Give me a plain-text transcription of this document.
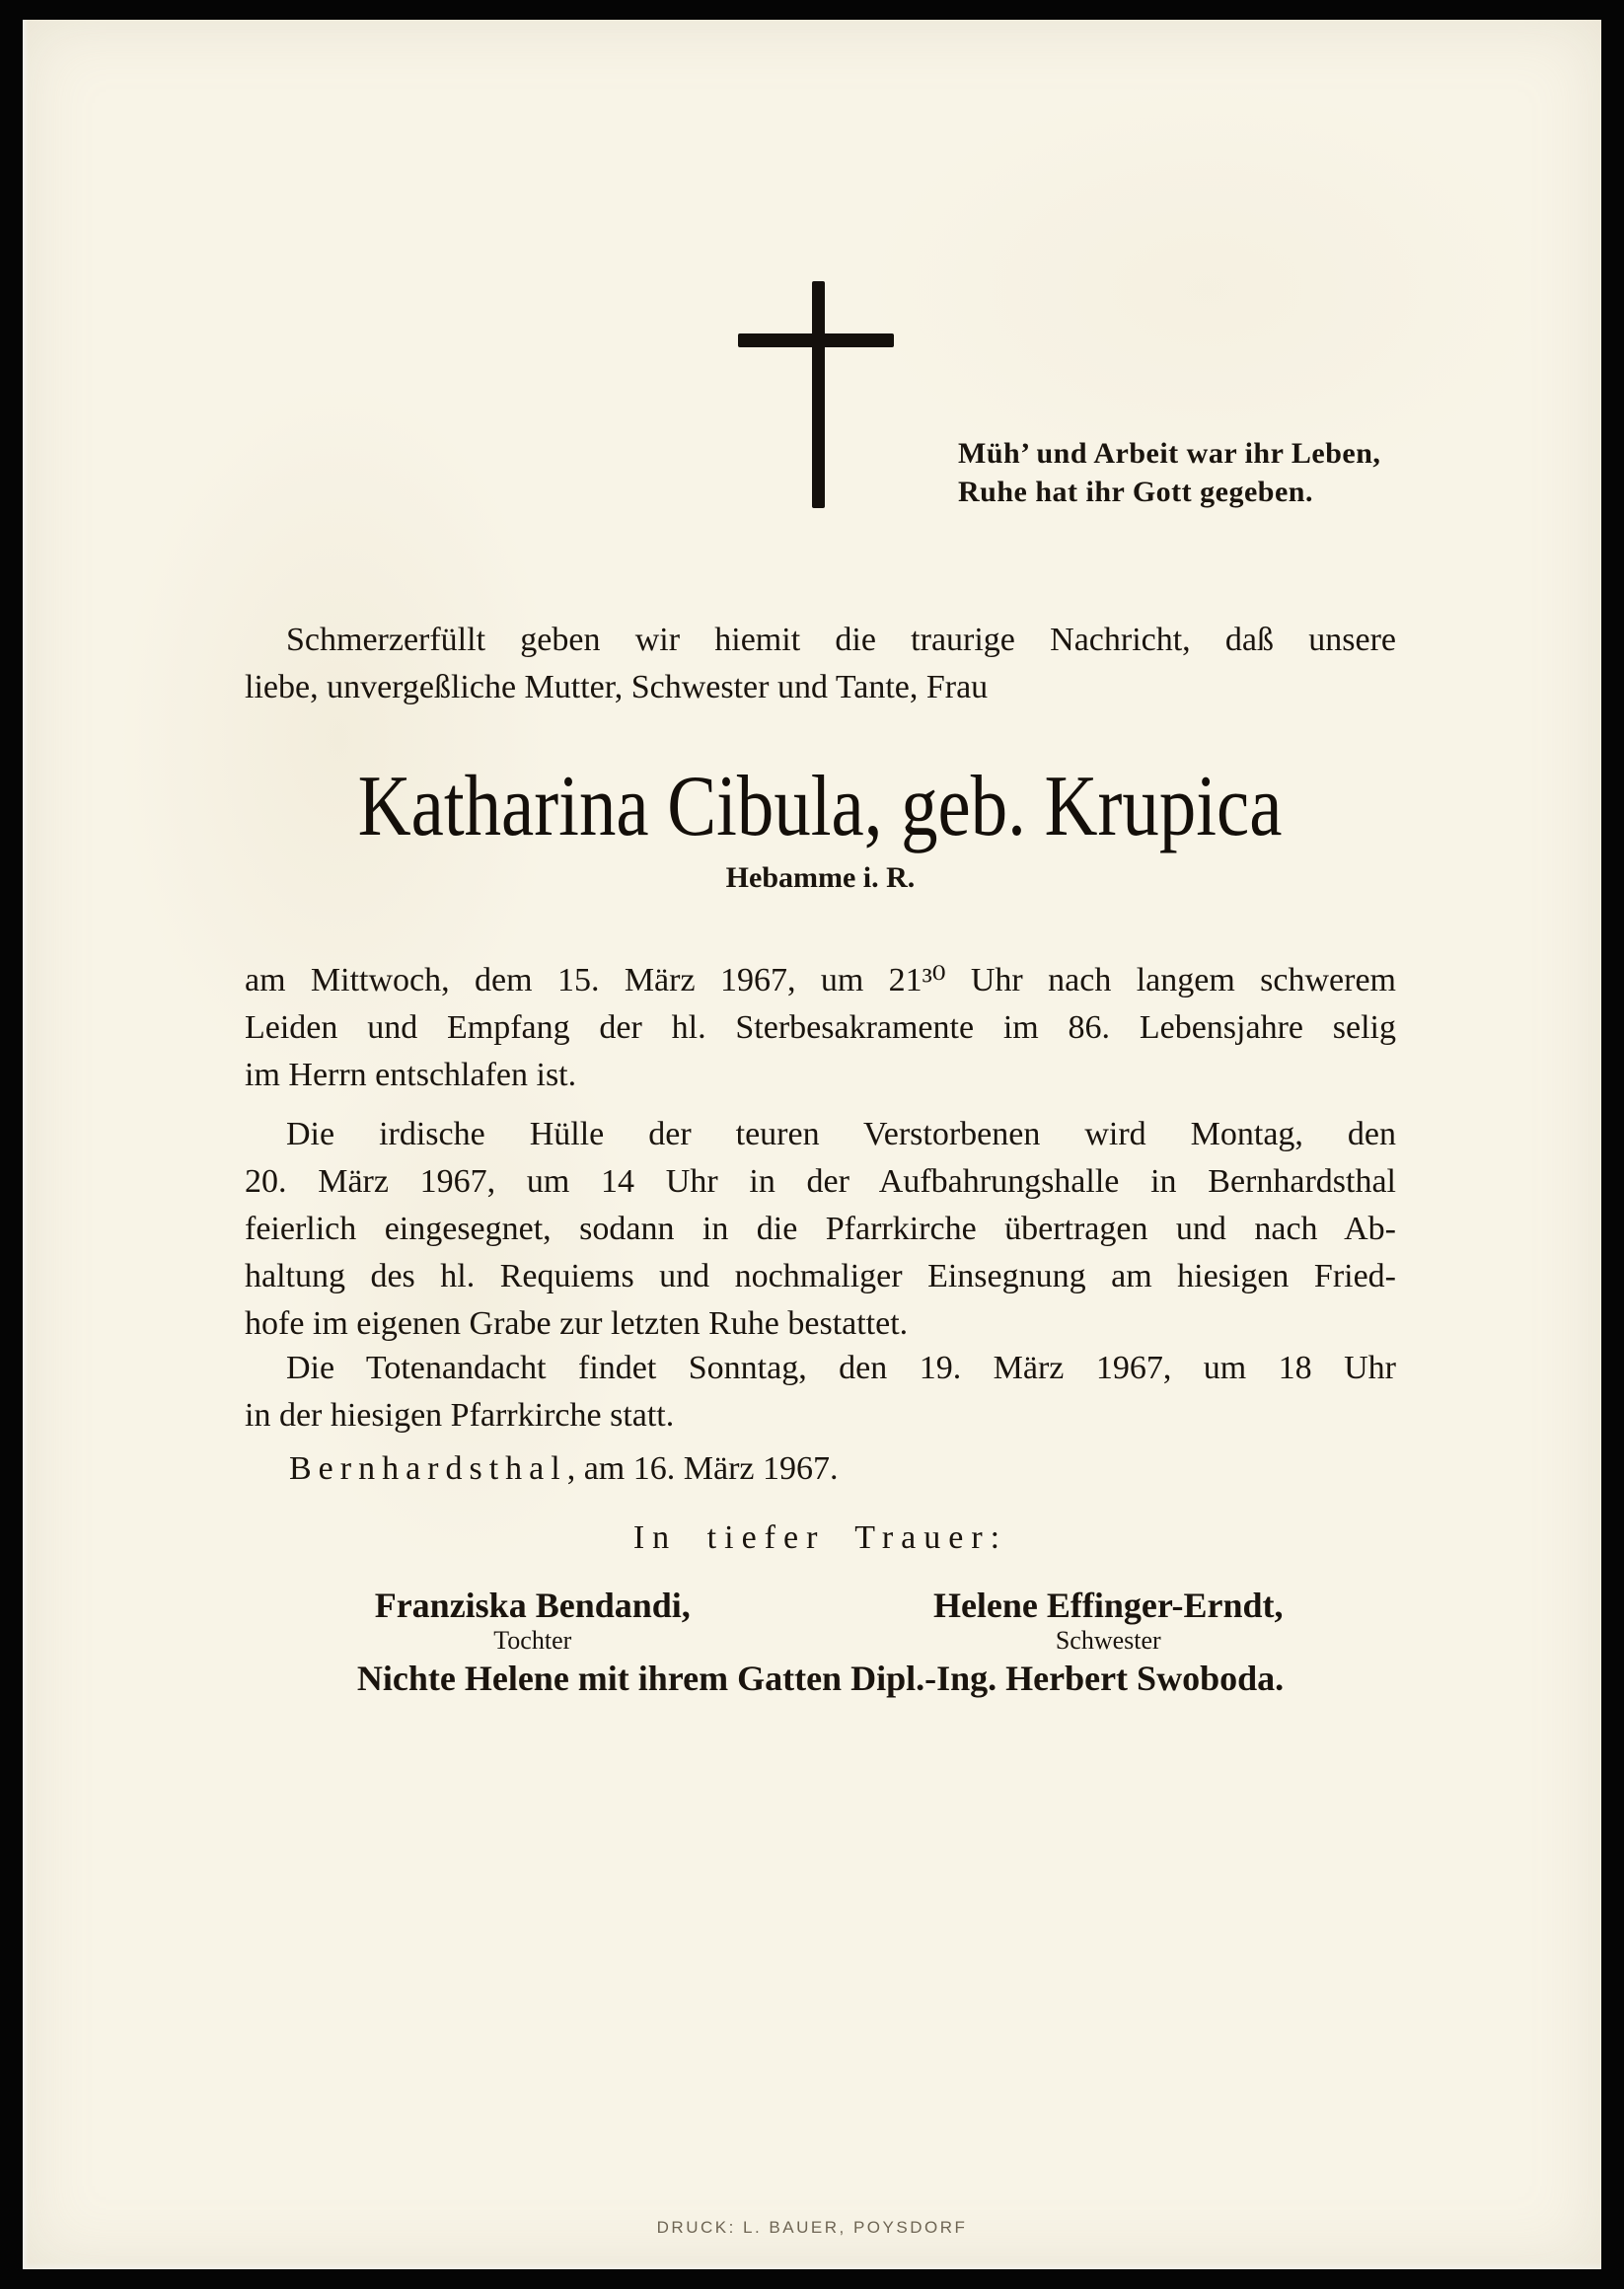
Müh’ und Arbeit war ihr Leben,
Ruhe hat ihr Gott gegeben.
Schmerzerfüllt geben wir hiemit die traurige Nachricht, daß unsere
liebe, unvergeßliche Mutter, Schwester und Tante, Frau
Katharina Cibula, geb. Krupica
Hebamme i. R.
am Mittwoch, dem 15. März 1967, um 21³⁰ Uhr nach langem schwerem
Leiden und Empfang der hl. Sterbesakramente im 86. Lebensjahre selig
im Herrn entschlafen ist.
Die irdische Hülle der teuren Verstorbenen wird Montag, den
20. März 1967, um 14 Uhr in der Aufbahrungshalle in Bernhardsthal
feierlich eingesegnet, sodann in die Pfarrkirche übertragen und nach Ab-
haltung des hl. Requiems und nochmaliger Einsegnung am hiesigen Fried-
hofe im eigenen Grabe zur letzten Ruhe bestattet.
Die Totenandacht findet Sonntag, den 19. März 1967, um 18 Uhr
in der hiesigen Pfarrkirche statt.
Bernhardsthal, am 16. März 1967.
In tiefer Trauer:
Franziska Bendandi,
Tochter
Helene Effinger-Erndt,
Schwester
Nichte Helene mit ihrem Gatten Dipl.-Ing. Herbert Swoboda.
DRUCK: L. BAUER, POYSDORF
